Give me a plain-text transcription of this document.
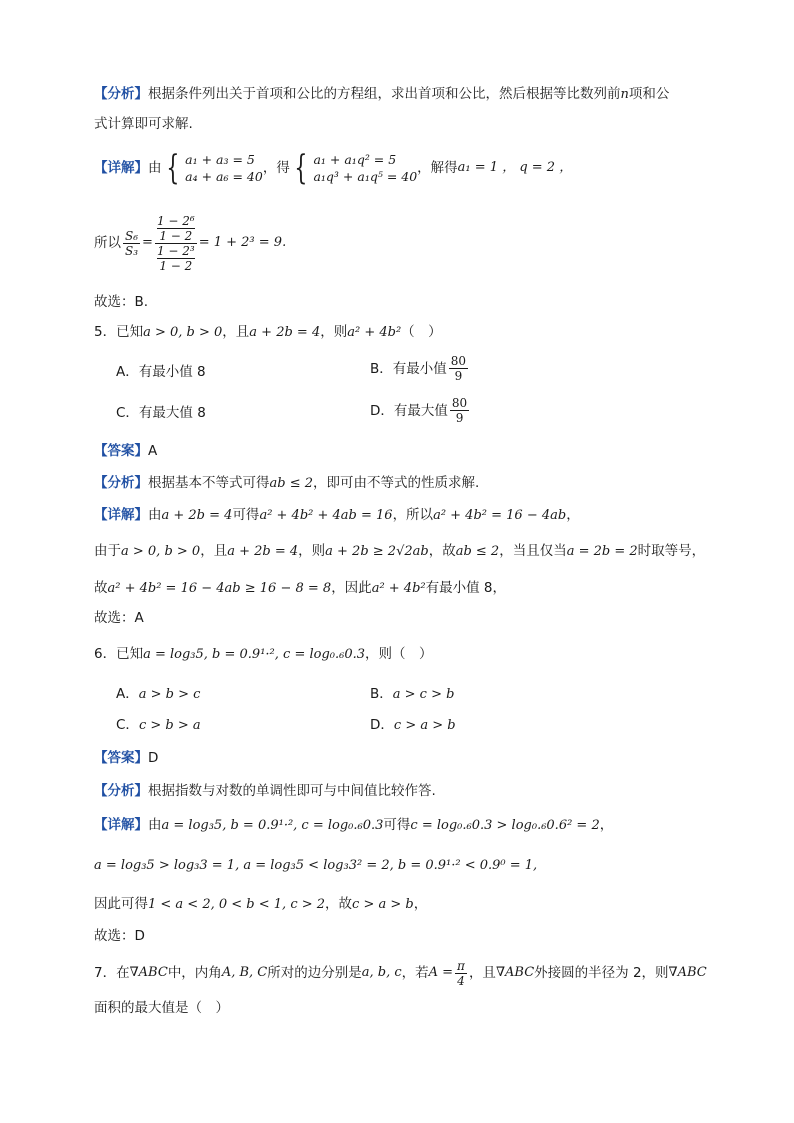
【分析】根据条件列出关于首项和公比的方程组，求出首项和公比，然后根据等比数列前n项和公
式计算即可求解.
【详解】 由 { a₁ + a₃ = 5
a₄ + a₆ = 40
，得 { a₁ + a₁q² = 5
a₁q³ + a₁q⁵ = 40
，解得 a₁ = 1 ， q = 2 ，
所以 $\frac{\text{S₆}}{\text{S₃}} = 1 - 2^6$
1 − 2
1 − 2³
1 − 2 = 1 + 2³ = 9.
故选：B.
5．已知a > 0, b > 0，且a + 2b = 4，则a² + 4b²（　）
A．有最小值 8	B．有最小值 $\frac{80}{9}$
C．有最大值 8	D．有最大值 $\frac{80}{9}$
【答案】A
【分析】根据基本不等式可得ab ≤ 2，即可由不等式的性质求解.
【详解】由a + 2b = 4可得a² + 4b² + 4ab = 16，所以a² + 4b² = 16 − 4ab，
由于a > 0, b > 0，且a + 2b = 4，则a + 2b ≥ 2√2ab，故ab ≤ 2，当且仅当a = 2b = 2时取等号，
故a² + 4b² = 16 − 4ab ≥ 16 − 8 = 8，因此a² + 4b²有最小值 8，
故选：A
6．已知a = log₃5, b = 0.9¹·², c = log₀.₆0.3，则（　）
A．a > b > c	B．a > c > b
C．c > b > a	D．c > a > b
【答案】D
【分析】根据指数与对数的单调性即可与中间值比较作答.
【详解】由a = log₃5, b = 0.9¹·², c = log₀.₆0.3可得c = log₀.₆0.3 > log₀.₆0.6² = 2，
a = log₃5 > log₃3 = 1, a = log₃5 < log₃3² = 2, b = 0.9¹·² < 0.9⁰ = 1,
因此可得1 < a < 2, 0 < b < 1, c > 2，故c > a > b，
故选：D
7．在 ∇ABC 中，内角 A, B, C 所对的边分别是 a, b, c ，若 $A = \frac{\pi}{4}$ ，且 ∇ABC 外接圆的半径为 2，则 ∇ABC
面积的最大值是（　）
